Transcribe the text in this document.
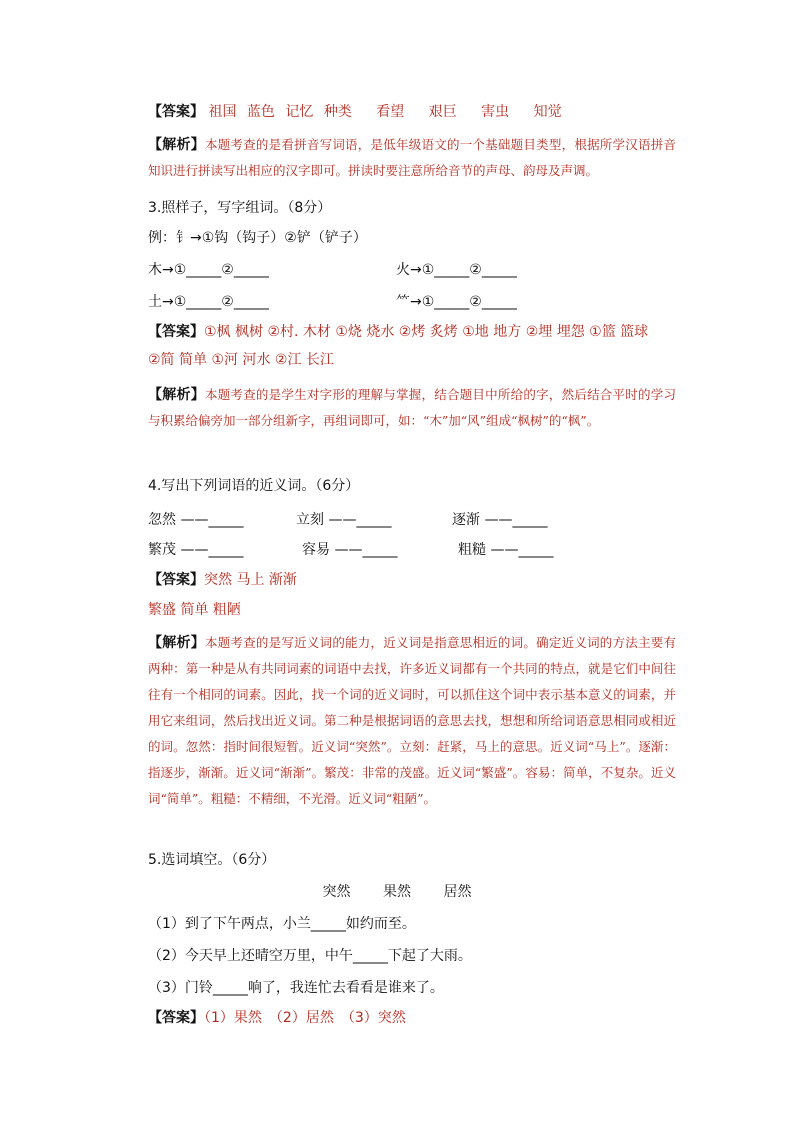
【答案】 祖国 蓝色 记忆 种类 看望 艰巨 害虫 知觉
【解析】本题考查的是看拼音写词语，是低年级语文的一个基础题目类型，根据所学汉语拼音知识进行拼读写出相应的汉字即可。拼读时要注意所给音节的声母、韵母及声调。
3.照样子，写字组词。（8分）
例：钅→①钩（钩子）②铲（铲子）
木→①_____②_____	火→①_____②_____
土→①_____②_____	⺮→①_____②_____
【答案】①枫 枫树 ②村. 木材 ①烧 烧水 ②烤 炙烤 ①地 地方 ②埋 埋怨 ①篮 篮球
②简 简单 ①河 河水 ②江 长江
【解析】本题考查的是学生对字形的理解与掌握，结合题目中所给的字，然后结合平时的学习与积累给偏旁加一部分组新字，再组词即可，如：“木”加“风”组成“枫树”的“枫”。
4.写出下列词语的近义词。（6分）
忽然 ——_____	立刻 ——_____	逐渐 ——_____
繁茂 ——_____	容易 ——_____	粗糙 ——_____
【答案】突然 马上 渐渐
繁盛 简单 粗陋
【解析】本题考查的是写近义词的能力，近义词是指意思相近的词。确定近义词的方法主要有两种：第一种是从有共同词素的词语中去找，许多近义词都有一个共同的特点，就是它们中间往往有一个相同的词素。因此，找一个词的近义词时，可以抓住这个词中表示基本意义的词素，并用它来组词，然后找出近义词。第二种是根据词语的意思去找，想想和所给词语意思相同或相近的词。忽然：指时间很短暂。近义词“突然”。立刻：赶紧，马上的意思。近义词“马上”。逐渐：指逐步，渐渐。近义词“渐渐”。繁茂：非常的茂盛。近义词“繁盛”。容易：简单，不复杂。近义词“简单”。粗糙：不精细，不光滑。近义词“粗陋”。
5.选词填空。（6分）
突然 果然 居然
（1）到了下午两点，小兰_____如约而至。
（2）今天早上还晴空万里，中午_____下起了大雨。
（3）门铃_____响了，我连忙去看看是谁来了。
【答案】（1）果然　（2）居然　（3）突然
